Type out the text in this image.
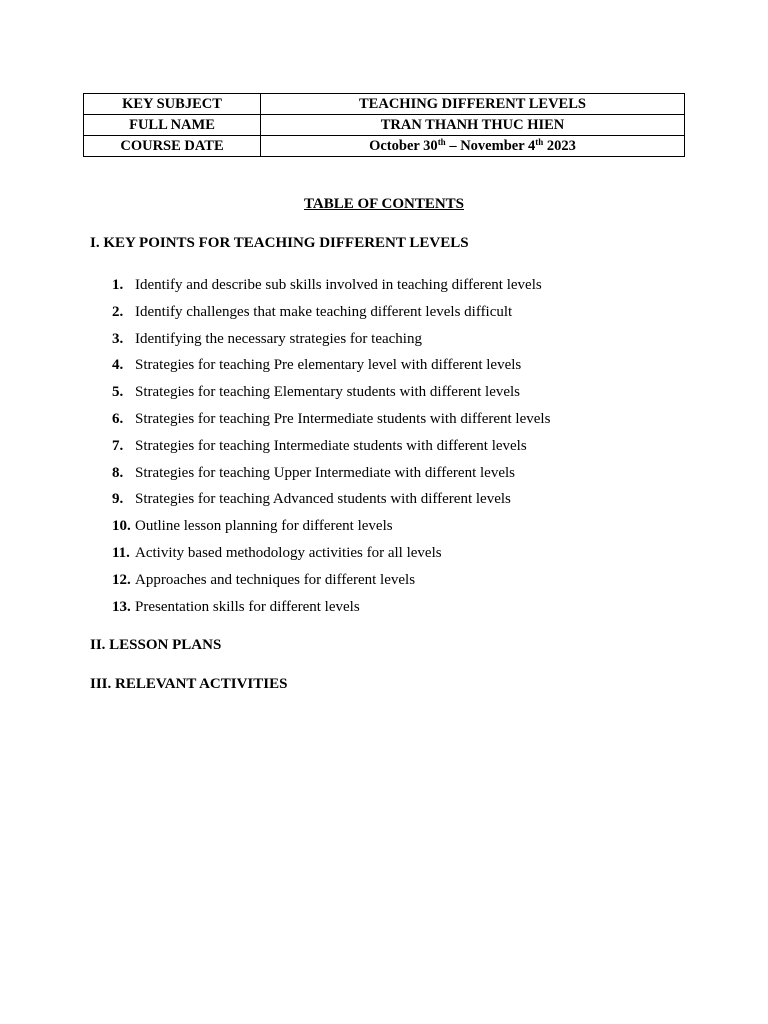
KEY SUBJECT	TEACHING DIFFERENT LEVELS
FULL NAME	TRAN THANH THUC HIEN
COURSE DATE	October 30th – November 4th 2023

TABLE OF CONTENTS

I. KEY POINTS FOR TEACHING DIFFERENT LEVELS

1. Identify and describe sub skills involved in teaching different levels
2. Identify challenges that make teaching different levels difficult
3. Identifying the necessary strategies for teaching
4. Strategies for teaching Pre elementary level with different levels
5. Strategies for teaching Elementary students with different levels
6. Strategies for teaching Pre Intermediate students with different levels
7. Strategies for teaching Intermediate students with different levels
8. Strategies for teaching Upper Intermediate with different levels
9. Strategies for teaching Advanced students with different levels
10. Outline lesson planning for different levels
11. Activity based methodology activities for all levels
12. Approaches and techniques for different levels
13. Presentation skills for different levels

II. LESSON PLANS

III. RELEVANT ACTIVITIES
